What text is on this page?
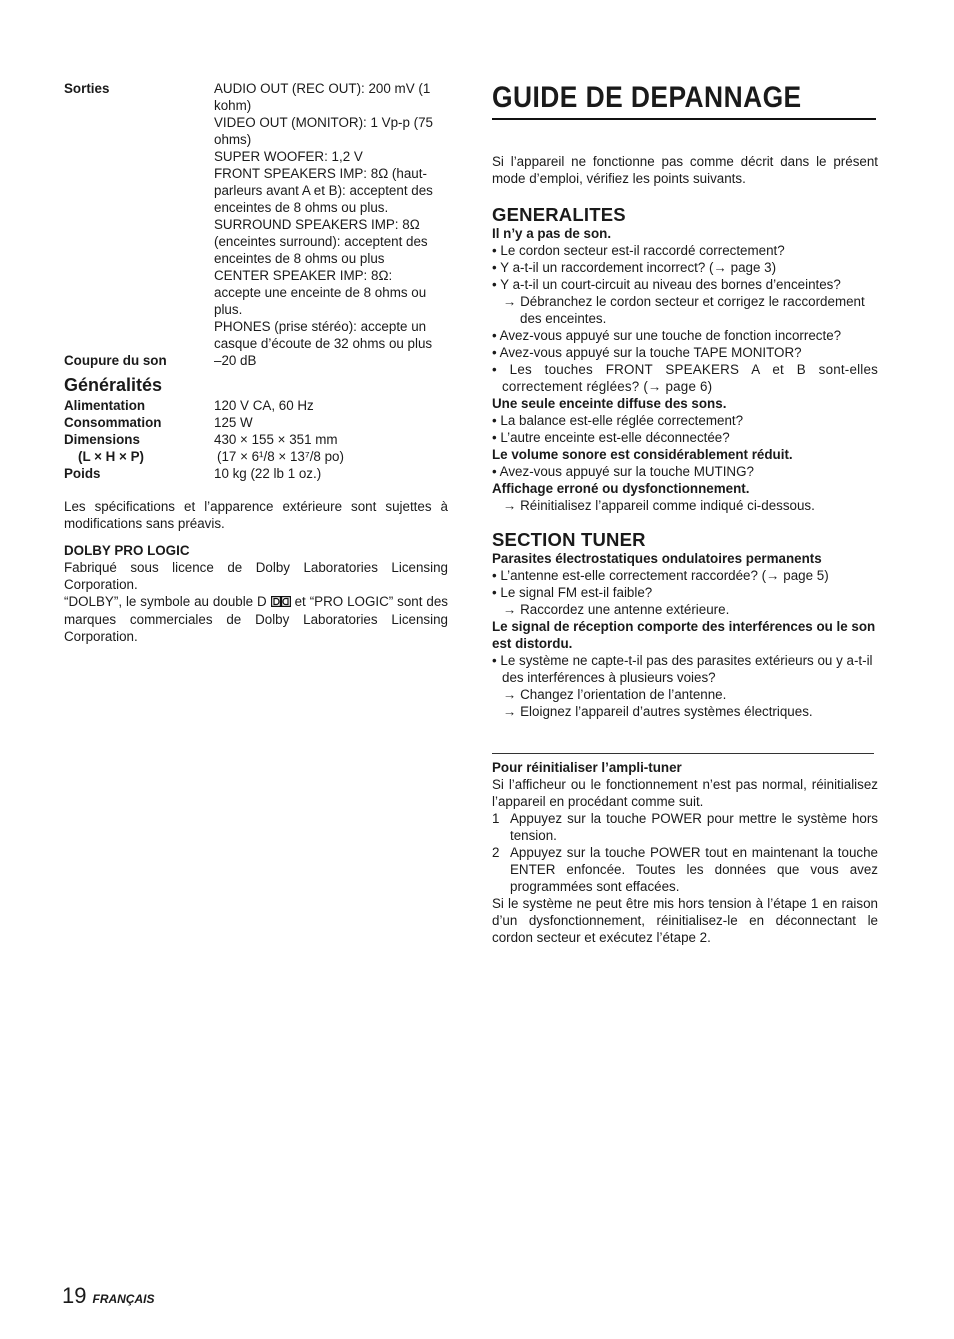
Sorties	AUDIO OUT (REC OUT): 200 mV (1
kohm)
VIDEO OUT (MONITOR): 1 Vp-p (75
ohms)
SUPER WOOFER: 1,2 V
FRONT SPEAKERS IMP: 8Ω (haut-
parleurs avant A et B): acceptent des
enceintes de 8 ohms ou plus.
SURROUND SPEAKERS IMP: 8Ω
(enceintes surround): acceptent des
enceintes de 8 ohms ou plus
CENTER SPEAKER IMP: 8Ω:
accepte une enceinte de 8 ohms ou
plus.
PHONES (prise stéréo): accepte un
casque d’écoute de 32 ohms ou plus
Coupure du son	–20 dB
Généralités
Alimentation	120 V CA, 60 Hz
Consommation	125 W
Dimensions	430 × 155 × 351 mm
(L × H × P)	(17 × 6¹/8 × 13⁷/8 po)
Poids	10 kg (22 lb 1 oz.)
Les spécifications et l’apparence extérieure sont sujettes à modifications sans préavis.
DOLBY PRO LOGIC
Fabriqué sous licence de Dolby Laboratories Licensing Corporation.
“DOLBY”, le symbole au double D et “PRO LOGIC” sont des marques commerciales de Dolby Laboratories Licensing Corporation.
GUIDE DE DEPANNAGE
Si l’appareil ne fonctionne pas comme décrit dans le présent mode d’emploi, vérifiez les points suivants.
GENERALITES
Il n’y a pas de son.
• Le cordon secteur est-il raccordé correctement?
• Y a-t-il un raccordement incorrect? (→ page 3)
• Y a-t-il un court-circuit au niveau des bornes d’enceintes?
→ Débranchez le cordon secteur et corrigez le raccordement des enceintes.
• Avez-vous appuyé sur une touche de fonction incorrecte?
• Avez-vous appuyé sur la touche TAPE MONITOR?
• Les touches FRONT SPEAKERS A et B sont-elles correctement réglées? (→ page 6)
Une seule enceinte diffuse des sons.
• La balance est-elle réglée correctement?
• L’autre enceinte est-elle déconnectée?
Le volume sonore est considérablement réduit.
• Avez-vous appuyé sur la touche MUTING?
Affichage erroné ou dysfonctionnement.
→ Réinitialisez l’appareil comme indiqué ci-dessous.
SECTION TUNER
Parasites électrostatiques ondulatoires permanents
• L’antenne est-elle correctement raccordée? (→ page 5)
• Le signal FM est-il faible?
→ Raccordez une antenne extérieure.
Le signal de réception comporte des interférences ou le son est distordu.
• Le système ne capte-t-il pas des parasites extérieurs ou y a-t-il des interférences à plusieurs voies?
→ Changez l’orientation de l’antenne.
→ Eloignez l’appareil d’autres systèmes électriques.
Pour réinitialiser l’ampli-tuner
Si l’afficheur ou le fonctionnement n’est pas normal, réinitialisez l’appareil en procédant comme suit.
1 Appuyez sur la touche POWER pour mettre le système hors tension.
2 Appuyez sur la touche POWER tout en maintenant la touche ENTER enfoncée. Toutes les données que vous avez programmées sont effacées.
Si le système ne peut être mis hors tension à l’étape 1 en raison d’un dysfonctionnement, réinitialisez-le en déconnectant le cordon secteur et exécutez l’étape 2.
19 FRANÇAIS
